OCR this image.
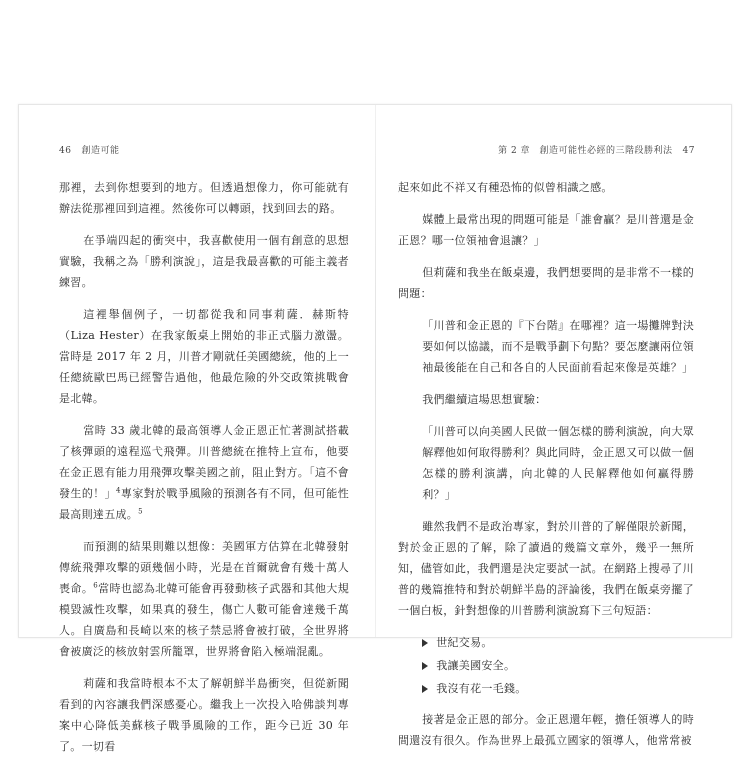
46 創造可能

那裡，去到你想要到的地方。但透過想像力，你可能就有辦法從那裡回到這裡。然後你可以轉頭，找到回去的路。

在爭端四起的衝突中，我喜歡使用一個有創意的思想實驗，我稱之為「勝利演說」，這是我最喜歡的可能主義者練習。

這裡舉個例子，一切都從我和同事莉薩．赫斯特（Liza Hester）在我家飯桌上開始的非正式腦力激盪。當時是 2017 年 2 月，川普才剛就任美國總統，他的上一任總統歐巴馬已經警告過他，他最危險的外交政策挑戰會是北韓。

當時 33 歲北韓的最高領導人金正恩正忙著測試搭載了核彈頭的遠程巡弋飛彈。川普總統在推特上宣布，他要在金正恩有能力用飛彈攻擊美國之前，阻止對方。「這不會發生的！」$^4$專家對於戰爭風險的預測各有不同，但可能性最高則達五成。$^5$

而預測的結果則難以想像：美國軍方估算在北韓發射傳統飛彈攻擊的頭幾個小時，光是在首爾就會有幾十萬人喪命。$^6$當時也認為北韓可能會再發動核子武器和其他大規模毀滅性攻擊，如果真的發生，傷亡人數可能會達幾千萬人。自廣島和長崎以來的核子禁忌將會被打破，全世界將會被廣泛的核放射雲所籠罩，世界將會陷入極端混亂。

莉薩和我當時根本不太了解朝鮮半島衝突，但從新聞看到的內容讓我們深感憂心。繼我上一次投入哈佛談判專案中心降低美蘇核子戰爭風險的工作，距今已近 30 年了。一切看

第 2 章　創造可能性必經的三階段勝利法 47

起來如此不祥又有種恐怖的似曾相識之感。

媒體上最常出現的問題可能是「誰會贏？是川普還是金正恩？哪一位領袖會退讓？」

但莉薩和我坐在飯桌邊，我們想要問的是非常不一樣的問題：

「川普和金正恩的『下台階』在哪裡？這一場攤牌對決要如何以協議，而不是戰爭劃下句點？要怎麼讓兩位領袖最後能在自己和各自的人民面前看起來像是英雄？」

我們繼續這場思想實驗：

「川普可以向美國人民做一個怎樣的勝利演說，向大眾解釋他如何取得勝利？與此同時，金正恩又可以做一個怎樣的勝利演講，向北韓的人民解釋他如何贏得勝利？」

雖然我們不是政治專家，對於川普的了解僅限於新聞，對於金正恩的了解，除了讀過的幾篇文章外，幾乎一無所知，儘管如此，我們還是決定要試一試。在網路上搜尋了川普的幾篇推特和對於朝鮮半島的評論後，我們在飯桌旁擺了一個白板，針對想像的川普勝利演說寫下三句短語：

世紀交易。
我讓美國安全。
我沒有花一毛錢。

接著是金正恩的部分。金正恩還年輕，擔任領導人的時間還沒有很久。作為世界上最孤立國家的領導人，他常常被
